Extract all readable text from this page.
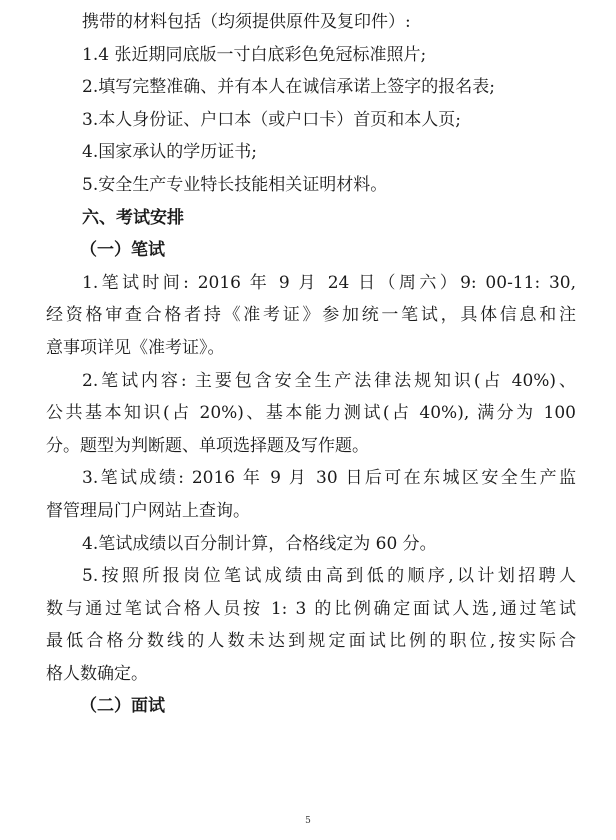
携带的材料包括（均须提供原件及复印件）:
1.4 张近期同底版一寸白底彩色免冠标准照片;
2.填写完整准确、并有本人在诚信承诺上签字的报名表;
3.本人身份证、户口本（或户口卡）首页和本人页;
4.国家承认的学历证书;
5.安全生产专业特长技能相关证明材料。
六、考试安排
（一）笔试
1.笔试时间: 2016 年 9 月 24 日（周六）9: 00-11: 30,
经资格审查合格者持《准考证》参加统一笔试，具体信息和注
意事项详见《准考证》。
2.笔试内容: 主要包含安全生产法律法规知识(占 40%)、
公共基本知识(占 20%)、基本能力测试(占 40%), 满分为 100
分。题型为判断题、单项选择题及写作题。
3.笔试成绩: 2016 年 9 月 30 日后可在东城区安全生产监
督管理局门户网站上查询。
4.笔试成绩以百分制计算，合格线定为 60 分。
5.按照所报岗位笔试成绩由高到低的顺序,以计划招聘人
数与通过笔试合格人员按 1: 3 的比例确定面试人选,通过笔试
最低合格分数线的人数未达到规定面试比例的职位,按实际合
格人数确定。
（二）面试
5
